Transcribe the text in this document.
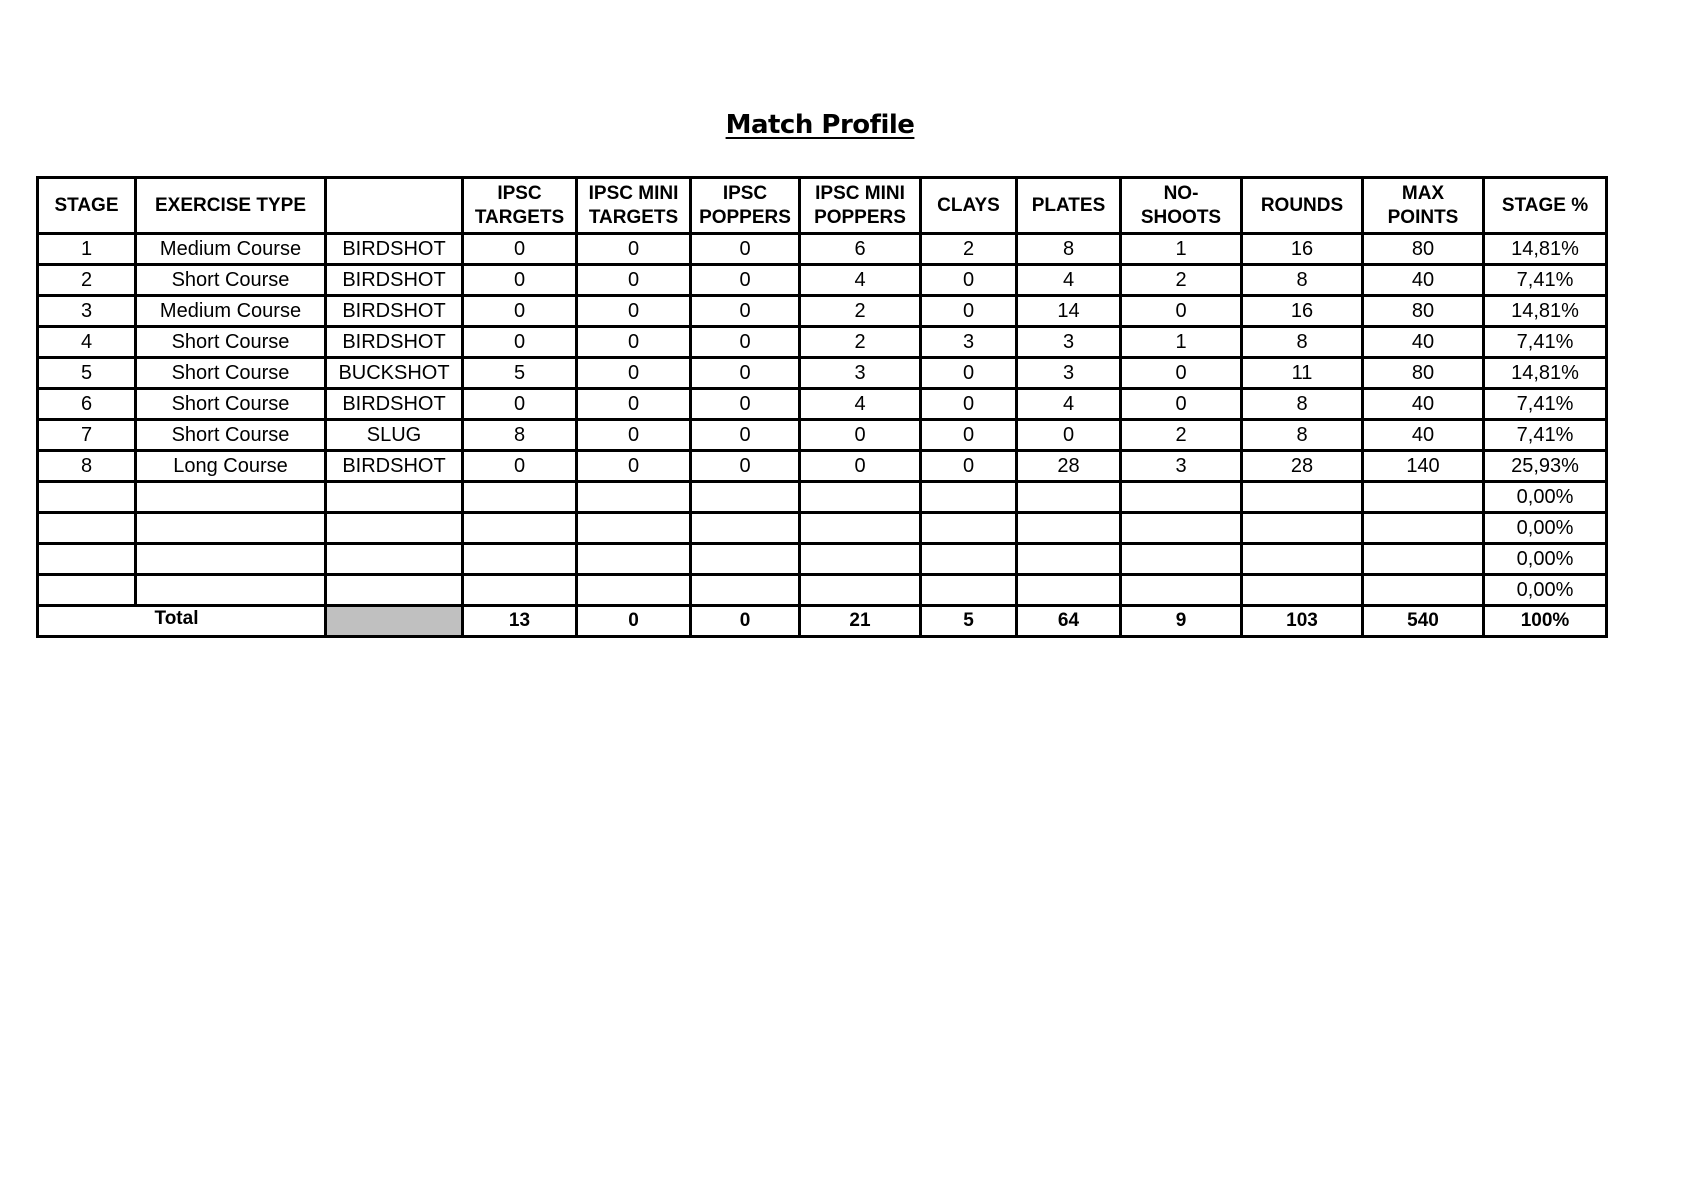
Match Profile
STAGE	EXERCISE TYPE		IPSC TARGETS	IPSC MINI TARGETS	IPSC POPPERS	IPSC MINI POPPERS	CLAYS	PLATES	NO- SHOOTS	ROUNDS	MAX POINTS	STAGE %
1	Medium Course	BIRDSHOT	0	0	0	6	2	8	1	16	80	14,81%
2	Short Course	BIRDSHOT	0	0	0	4	0	4	2	8	40	7,41%
3	Medium Course	BIRDSHOT	0	0	0	2	0	14	0	16	80	14,81%
4	Short Course	BIRDSHOT	0	0	0	2	3	3	1	8	40	7,41%
5	Short Course	BUCKSHOT	5	0	0	3	0	3	0	11	80	14,81%
6	Short Course	BIRDSHOT	0	0	0	4	0	4	0	8	40	7,41%
7	Short Course	SLUG	8	0	0	0	0	0	2	8	40	7,41%
8	Long Course	BIRDSHOT	0	0	0	0	0	28	3	28	140	25,93%
												0,00%
												0,00%
												0,00%
												0,00%
Total			13	0	0	21	5	64	9	103	540	100%
